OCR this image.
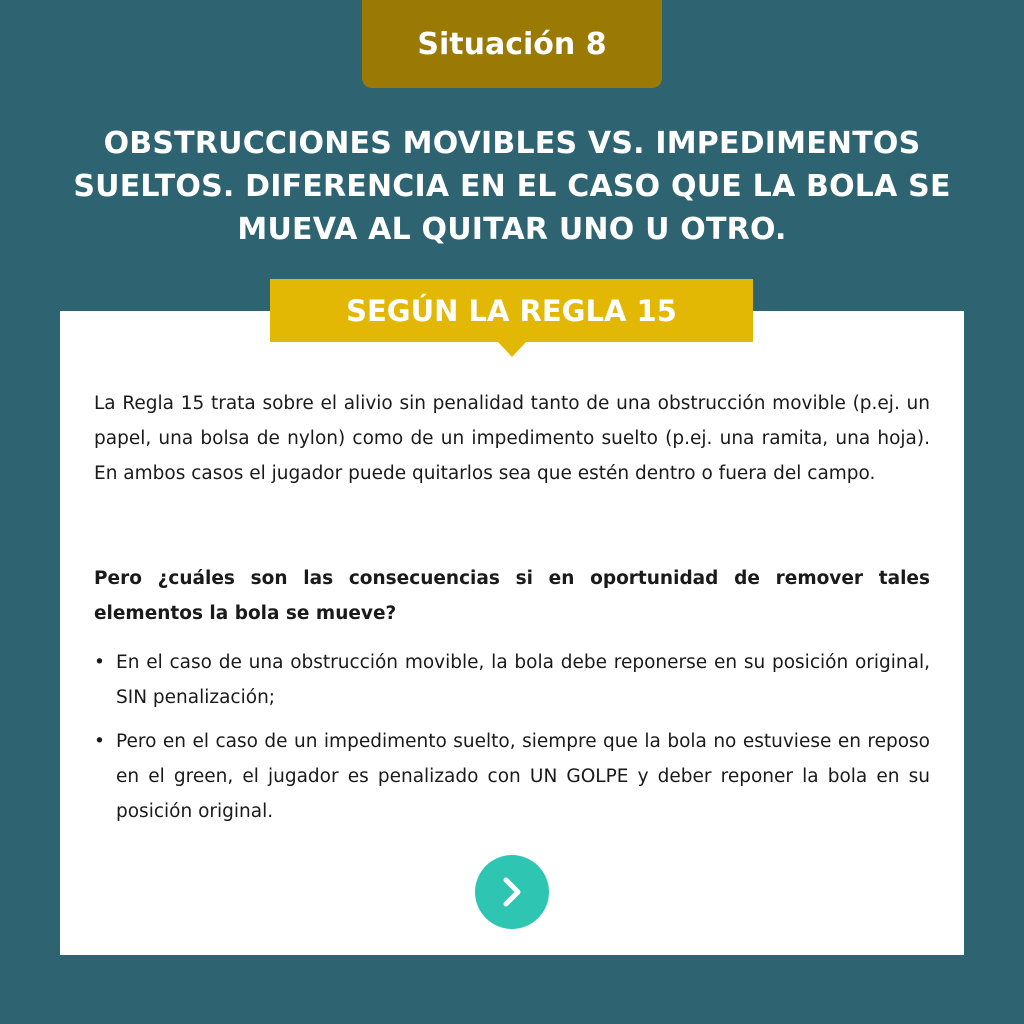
Situación 8
OBSTRUCCIONES MOVIBLES VS. IMPEDIMENTOS SUELTOS. DIFERENCIA EN EL CASO QUE LA BOLA SE MUEVA AL QUITAR UNO U OTRO.
SEGÚN LA REGLA 15

La Regla 15 trata sobre el alivio sin penalidad tanto de una obstrucción movible (p.ej. un papel, una bolsa de nylon) como de un impedimento suelto (p.ej. una ramita, una hoja). En ambos casos el jugador puede quitarlos sea que estén dentro o fuera del campo.

Pero ¿cuáles son las consecuencias si en oportunidad de remover tales elementos la bola se mueve?

• En el caso de una obstrucción movible, la bola debe reponerse en su posición original, SIN penalización;
• Pero en el caso de un impedimento suelto, siempre que la bola no estuviese en reposo en el green, el jugador es penalizado con UN GOLPE y deber reponer la bola en su posición original.
